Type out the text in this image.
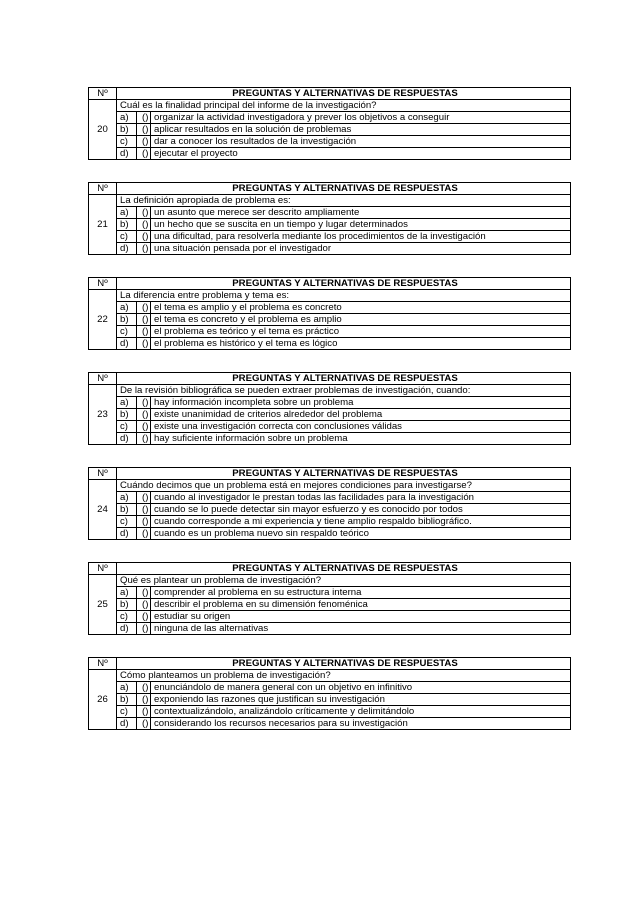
Nº	PREGUNTAS Y ALTERNATIVAS DE RESPUESTAS		
20	Cuál es la finalidad principal del informe de la investigación?		
	a)	( )	organizar la actividad investigadora y prever los objetivos a conseguir
	b)	( )	aplicar resultados en la solución de problemas
	c)	( )	dar a conocer los resultados de la investigación
	d)	( )	ejecutar el proyecto
Nº	PREGUNTAS Y ALTERNATIVAS DE RESPUESTAS		
21	La definición apropiada de problema es:		
	a)	( )	un asunto que merece ser descrito ampliamente
	b)	( )	un hecho que se suscita en un tiempo y lugar determinados
	c)	( )	una dificultad, para resolverla mediante los procedimientos de la investigación
	d)	( )	una situación pensada por el investigador
Nº	PREGUNTAS Y ALTERNATIVAS DE RESPUESTAS		
22	La diferencia entre problema y tema es:		
	a)	( )	el tema es amplio y el problema es concreto
	b)	( )	el tema es concreto y el problema es amplio
	c)	( )	el problema es teórico y el tema es práctico
	d)	( )	el problema es histórico y el tema es lógico
Nº	PREGUNTAS Y ALTERNATIVAS DE RESPUESTAS		
23	De la revisión bibliográfica se pueden extraer problemas de investigación, cuando:		
	a)	( )	hay información incompleta sobre un problema
	b)	( )	existe unanimidad de criterios alrededor del problema
	c)	( )	existe una investigación correcta con conclusiones válidas
	d)	( )	hay suficiente información sobre un problema
Nº	PREGUNTAS Y ALTERNATIVAS DE RESPUESTAS		
24	Cuándo decimos que un problema está en mejores condiciones para investigarse?		
	a)	( )	cuando al investigador le prestan todas las facilidades para la investigación
	b)	( )	cuando se lo puede detectar sin mayor esfuerzo y es conocido por todos
	c)	( )	cuando corresponde a mi experiencia y tiene amplio respaldo bibliográfico.
	d)	( )	cuando es un problema nuevo sin respaldo teórico
Nº	PREGUNTAS Y ALTERNATIVAS DE RESPUESTAS		
25	Qué es plantear un problema de investigación?		
	a)	( )	comprender al problema en su estructura interna
	b)	( )	describir el problema en su dimensión fenoménica
	c)	( )	estudiar su origen
	d)	( )	ninguna de las alternativas
Nº	PREGUNTAS Y ALTERNATIVAS DE RESPUESTAS		
26	Cómo planteamos un problema de investigación?		
	a)	( )	enunciándolo de manera general con un objetivo en infinitivo
	b)	( )	exponiendo las razones que justifican su investigación
	c)	( )	contextualizándolo, analizándolo críticamente y delimitándolo
	d)	( )	considerando los recursos necesarios para su investigación
